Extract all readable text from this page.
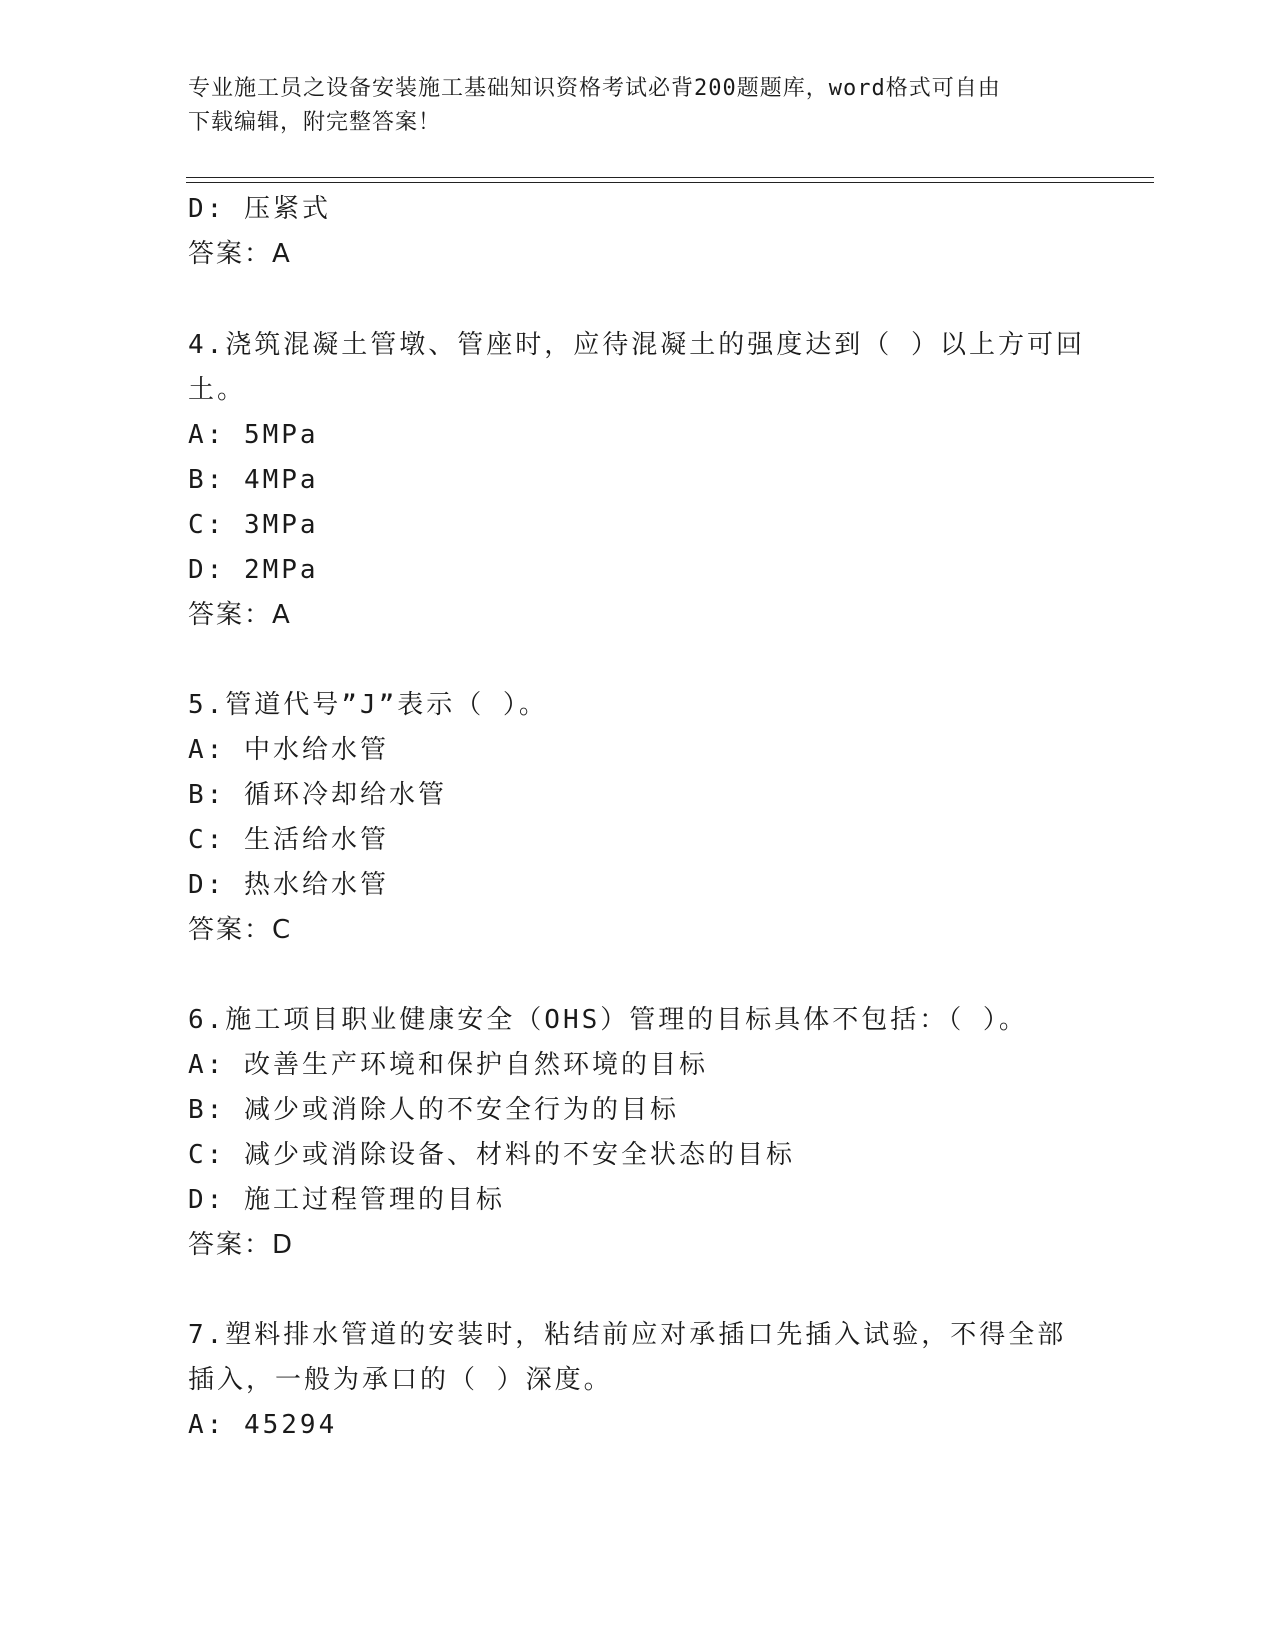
专业施工员之设备安装施工基础知识资格考试必背200题题库，word格式可自由
下载编辑，附完整答案！
D: 压紧式
答案：A
4.浇筑混凝土管墩、管座时，应待混凝土的强度达到（ ）以上方可回
土。
A: 5MPa
B: 4MPa
C: 3MPa
D: 2MPa
答案：A
5.管道代号”J”表示（ ）。
A: 中水给水管
B: 循环冷却给水管
C: 生活给水管
D: 热水给水管
答案：C
6.施工项目职业健康安全（OHS）管理的目标具体不包括：（ ）。
A: 改善生产环境和保护自然环境的目标
B: 减少或消除人的不安全行为的目标
C: 减少或消除设备、材料的不安全状态的目标
D: 施工过程管理的目标
答案：D
7.塑料排水管道的安装时，粘结前应对承插口先插入试验，不得全部
插入，一般为承口的（ ）深度。
A: 45294
